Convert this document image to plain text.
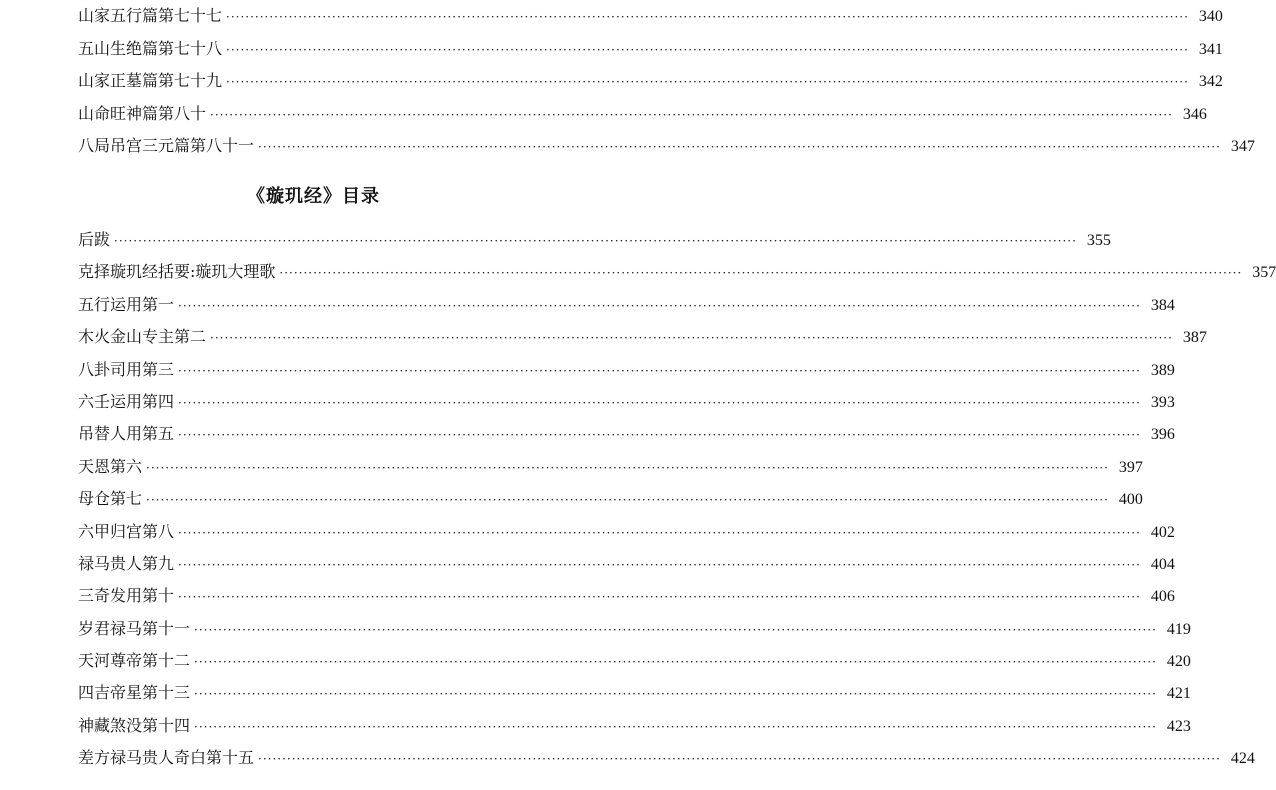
山家五行篇第七十七 ········································································································································································································ 340
五山生绝篇第七十八 ········································································································································································································ 341
山家正墓篇第七十九 ········································································································································································································ 342
山命旺神篇第八十 ········································································································································································································ 346
八局吊宫三元篇第八十一 ········································································································································································································ 347
《璇玑经》目录
后跋 ········································································································································································································ 355
克择璇玑经括要:璇玑大理歌 ········································································································································································································ 357
五行运用第一 ········································································································································································································ 384
木火金山专主第二 ········································································································································································································ 387
八卦司用第三 ········································································································································································································ 389
六壬运用第四 ········································································································································································································ 393
吊替人用第五 ········································································································································································································ 396
天恩第六 ········································································································································································································ 397
母仓第七 ········································································································································································································ 400
六甲归宫第八 ········································································································································································································ 402
禄马贵人第九 ········································································································································································································ 404
三奇发用第十 ········································································································································································································ 406
岁君禄马第十一 ········································································································································································································ 419
天河尊帝第十二 ········································································································································································································ 420
四吉帝星第十三 ········································································································································································································ 421
神藏煞没第十四 ········································································································································································································ 423
差方禄马贵人奇白第十五 ········································································································································································································ 424
